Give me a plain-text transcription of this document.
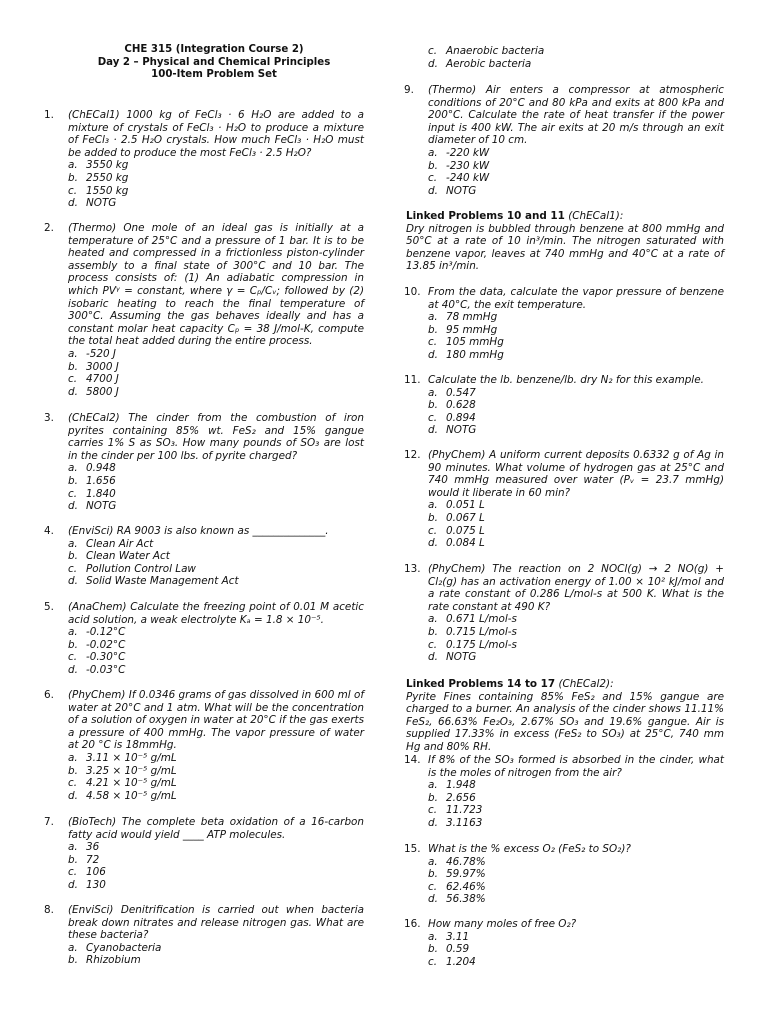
CHE 315 (Integration Course 2)
Day 2 – Physical and Chemical Principles
100-Item Problem Set
1.	(ChECal1) 1000 kg of FeCl₃ · 6 H₂O are added to a mixture of crystals of FeCl₃ · H₂O to produce a mixture of FeCl₃ · 2.5 H₂O crystals. How much FeCl₃ · H₂O must be added to produce the most FeCl₃ · 2.5 H₂O?
a. 3550 kg
b. 2550 kg
c. 1550 kg
d. NOTG
2.	(Thermo) One mole of an ideal gas is initially at a temperature of 25°C and a pressure of 1 bar. It is to be heated and compressed in a frictionless piston-cylinder assembly to a final state of 300°C and 10 bar. The process consists of: (1) An adiabatic compression in which PVᵞ = constant, where γ = Cₚ/Cᵥ; followed by (2) isobaric heating to reach the final temperature of 300°C. Assuming the gas behaves ideally and has a constant molar heat capacity Cₚ = 38 J/mol-K, compute the total heat added during the entire process.
a. -520 J
b. 3000 J
c. 4700 J
d. 5800 J
3.	(ChECal2) The cinder from the combustion of iron pyrites containing 85% wt. FeS₂ and 15% gangue carries 1% S as SO₃. How many pounds of SO₃ are lost in the cinder per 100 lbs. of pyrite charged?
a. 0.948
b. 1.656
c. 1.840
d. NOTG
4.	(EnviSci) RA 9003 is also known as ______________.
a. Clean Air Act
b. Clean Water Act
c. Pollution Control Law
d. Solid Waste Management Act
5.	(AnaChem) Calculate the freezing point of 0.01 M acetic acid solution, a weak electrolyte Kₐ = 1.8 × 10⁻⁵.
a. -0.12°C
b. -0.02°C
c. -0.30°C
d. -0.03°C
6.	(PhyChem) If 0.0346 grams of gas dissolved in 600 ml of water at 20°C and 1 atm. What will be the concentration of a solution of oxygen in water at 20°C if the gas exerts a pressure of 400 mmHg. The vapor pressure of water at 20 °C is 18mmHg.
a. 3.11 × 10⁻⁵ g/mL
b. 3.25 × 10⁻⁵ g/mL
c. 4.21 × 10⁻⁵ g/mL
d. 4.58 × 10⁻⁵ g/mL
7.	(BioTech) The complete beta oxidation of a 16-carbon fatty acid would yield ____ ATP molecules.
a. 36
b. 72
c. 106
d. 130
8.	(EnviSci) Denitrification is carried out when bacteria break down nitrates and release nitrogen gas. What are these bacteria?
a. Cyanobacteria
b. Rhizobium
c. Anaerobic bacteria
d. Aerobic bacteria
9.	(Thermo) Air enters a compressor at atmospheric conditions of 20°C and 80 kPa and exits at 800 kPa and 200°C. Calculate the rate of heat transfer if the power input is 400 kW. The air exits at 20 m/s through an exit diameter of 10 cm.
a. -220 kW
b. -230 kW
c. -240 kW
d. NOTG
Linked Problems 10 and 11 (ChECal1):
Dry nitrogen is bubbled through benzene at 800 mmHg and 50°C at a rate of 10 in³/min. The nitrogen saturated with benzene vapor, leaves at 740 mmHg and 40°C at a rate of 13.85 in³/min.
10. From the data, calculate the vapor pressure of benzene at 40°C, the exit temperature.
a. 78 mmHg
b. 95 mmHg
c. 105 mmHg
d. 180 mmHg
11. Calculate the lb. benzene/lb. dry N₂ for this example.
a. 0.547
b. 0.628
c. 0.894
d. NOTG
12. (PhyChem) A uniform current deposits 0.6332 g of Ag in 90 minutes. What volume of hydrogen gas at 25°C and 740 mmHg measured over water (Pᵥ = 23.7 mmHg) would it liberate in 60 min?
a. 0.051 L
b. 0.067 L
c. 0.075 L
d. 0.084 L
13. (PhyChem) The reaction on 2 NOCl(g) → 2 NO(g) + Cl₂(g) has an activation energy of 1.00 × 10² kJ/mol and a rate constant of 0.286 L/mol-s at 500 K. What is the rate constant at 490 K?
a. 0.671 L/mol-s
b. 0.715 L/mol-s
c. 0.175 L/mol-s
d. NOTG
Linked Problems 14 to 17 (ChECal2):
Pyrite Fines containing 85% FeS₂ and 15% gangue are charged to a burner. An analysis of the cinder shows 11.11% FeS₂, 66.63% Fe₂O₃, 2.67% SO₃ and 19.6% gangue. Air is supplied 17.33% in excess (FeS₂ to SO₃) at 25°C, 740 mm Hg and 80% RH.
14. If 8% of the SO₃ formed is absorbed in the cinder, what is the moles of nitrogen from the air?
a. 1.948
b. 2.656
c. 11.723
d. 3.1163
15. What is the % excess O₂ (FeS₂ to SO₂)?
a. 46.78%
b. 59.97%
c. 62.46%
d. 56.38%
16. How many moles of free O₂?
a. 3.11
b. 0.59
c. 1.204
